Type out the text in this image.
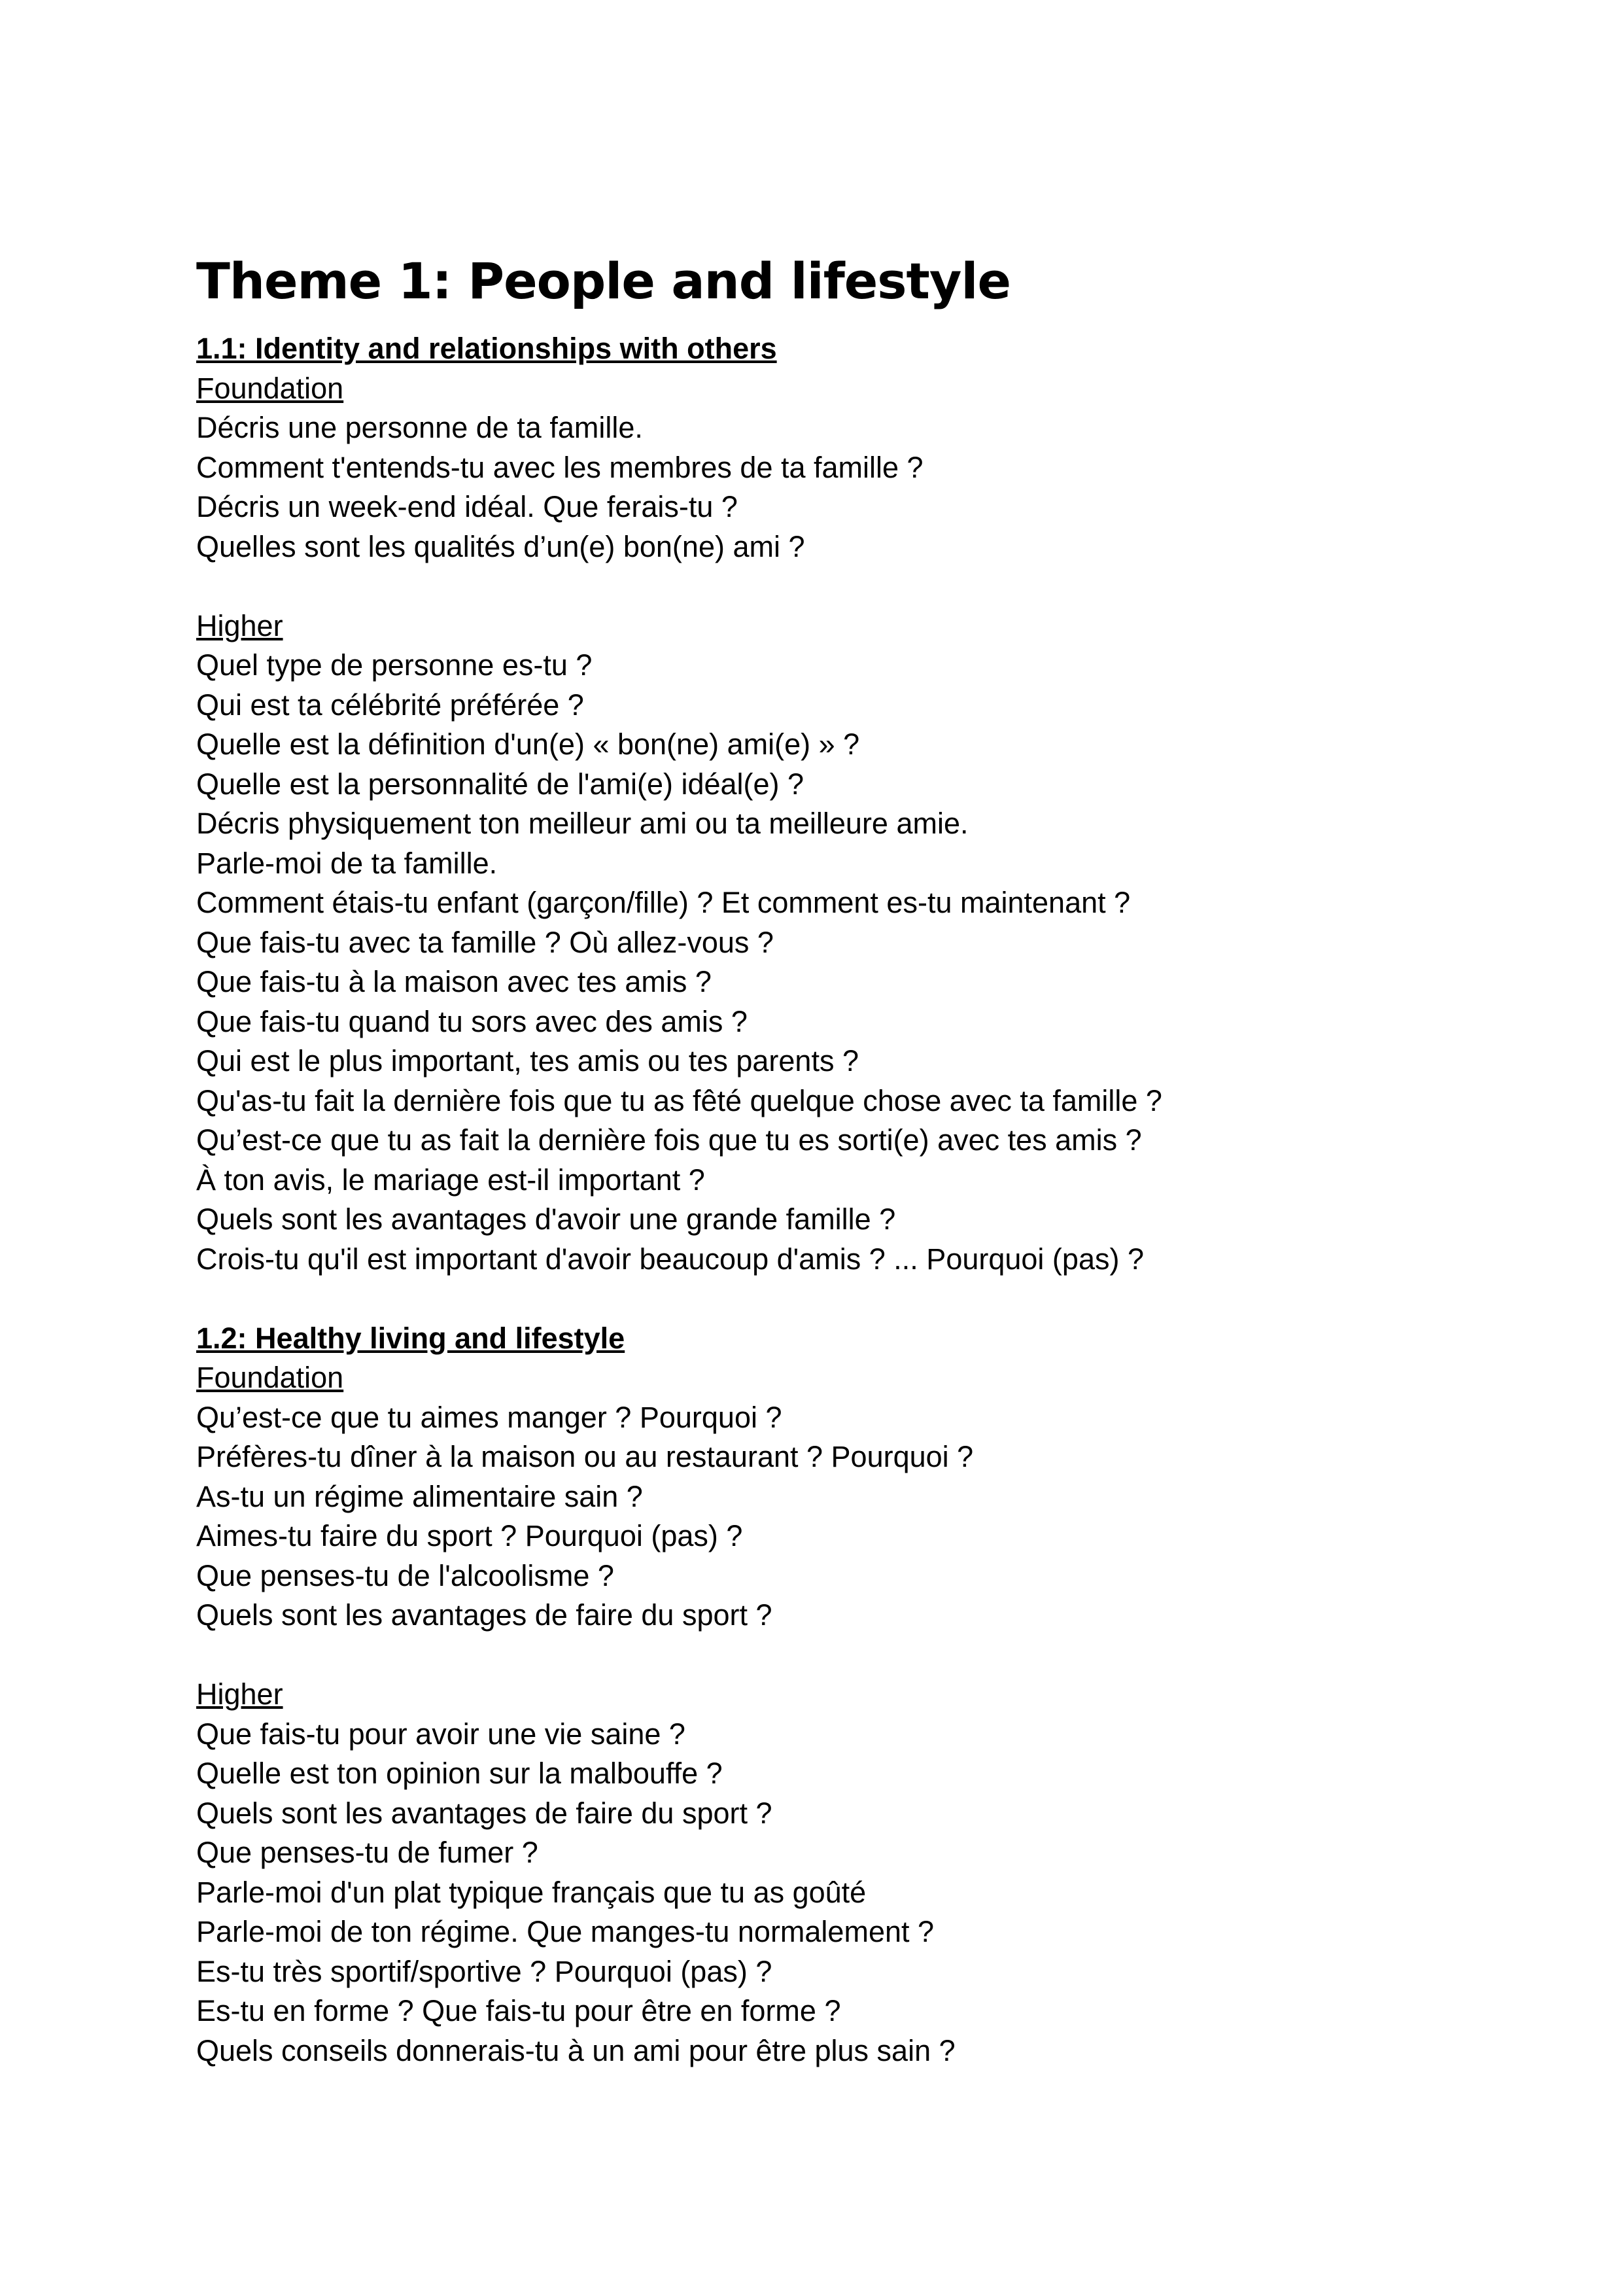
Theme 1: People and lifestyle

1.1: Identity and relationships with others

Foundation

Décris une personne de ta famille.

Comment t'entends-tu avec les membres de ta famille ?

Décris un week-end idéal. Que ferais-tu ?

Quelles sont les qualités d’un(e) bon(ne) ami ?

Higher

Quel type de personne es-tu ?

Qui est ta célébrité préférée ?

Quelle est la définition d'un(e) « bon(ne) ami(e) » ?

Quelle est la personnalité de l'ami(e) idéal(e) ?

Décris physiquement ton meilleur ami ou ta meilleure amie.

Parle-moi de ta famille.

Comment étais-tu enfant (garçon/fille) ? Et comment es-tu maintenant ?

Que fais-tu avec ta famille ? Où allez-vous ?

Que fais-tu à la maison avec tes amis ?

Que fais-tu quand tu sors avec des amis ?

Qui est le plus important, tes amis ou tes parents ?

Qu'as-tu fait la dernière fois que tu as fêté quelque chose avec ta famille ?

Qu’est-ce que tu as fait la dernière fois que tu es sorti(e) avec tes amis ?

À ton avis, le mariage est-il important ?

Quels sont les avantages d'avoir une grande famille ?

Crois-tu qu'il est important d'avoir beaucoup d'amis ? ... Pourquoi (pas) ?

1.2: Healthy living and lifestyle

Foundation

Qu’est-ce que tu aimes manger ? Pourquoi ?

Préfères-tu dîner à la maison ou au restaurant ? Pourquoi ?

As-tu un régime alimentaire sain ?

Aimes-tu faire du sport ? Pourquoi (pas) ?

Que penses-tu de l'alcoolisme ?

Quels sont les avantages de faire du sport ?

Higher

Que fais-tu pour avoir une vie saine ?

Quelle est ton opinion sur la malbouffe ?

Quels sont les avantages de faire du sport ?

Que penses-tu de fumer ?

Parle-moi d'un plat typique français que tu as goûté

Parle-moi de ton régime. Que manges-tu normalement ?

Es-tu très sportif/sportive ? Pourquoi (pas) ?

Es-tu en forme ? Que fais-tu pour être en forme ?

Quels conseils donnerais-tu à un ami pour être plus sain ?
